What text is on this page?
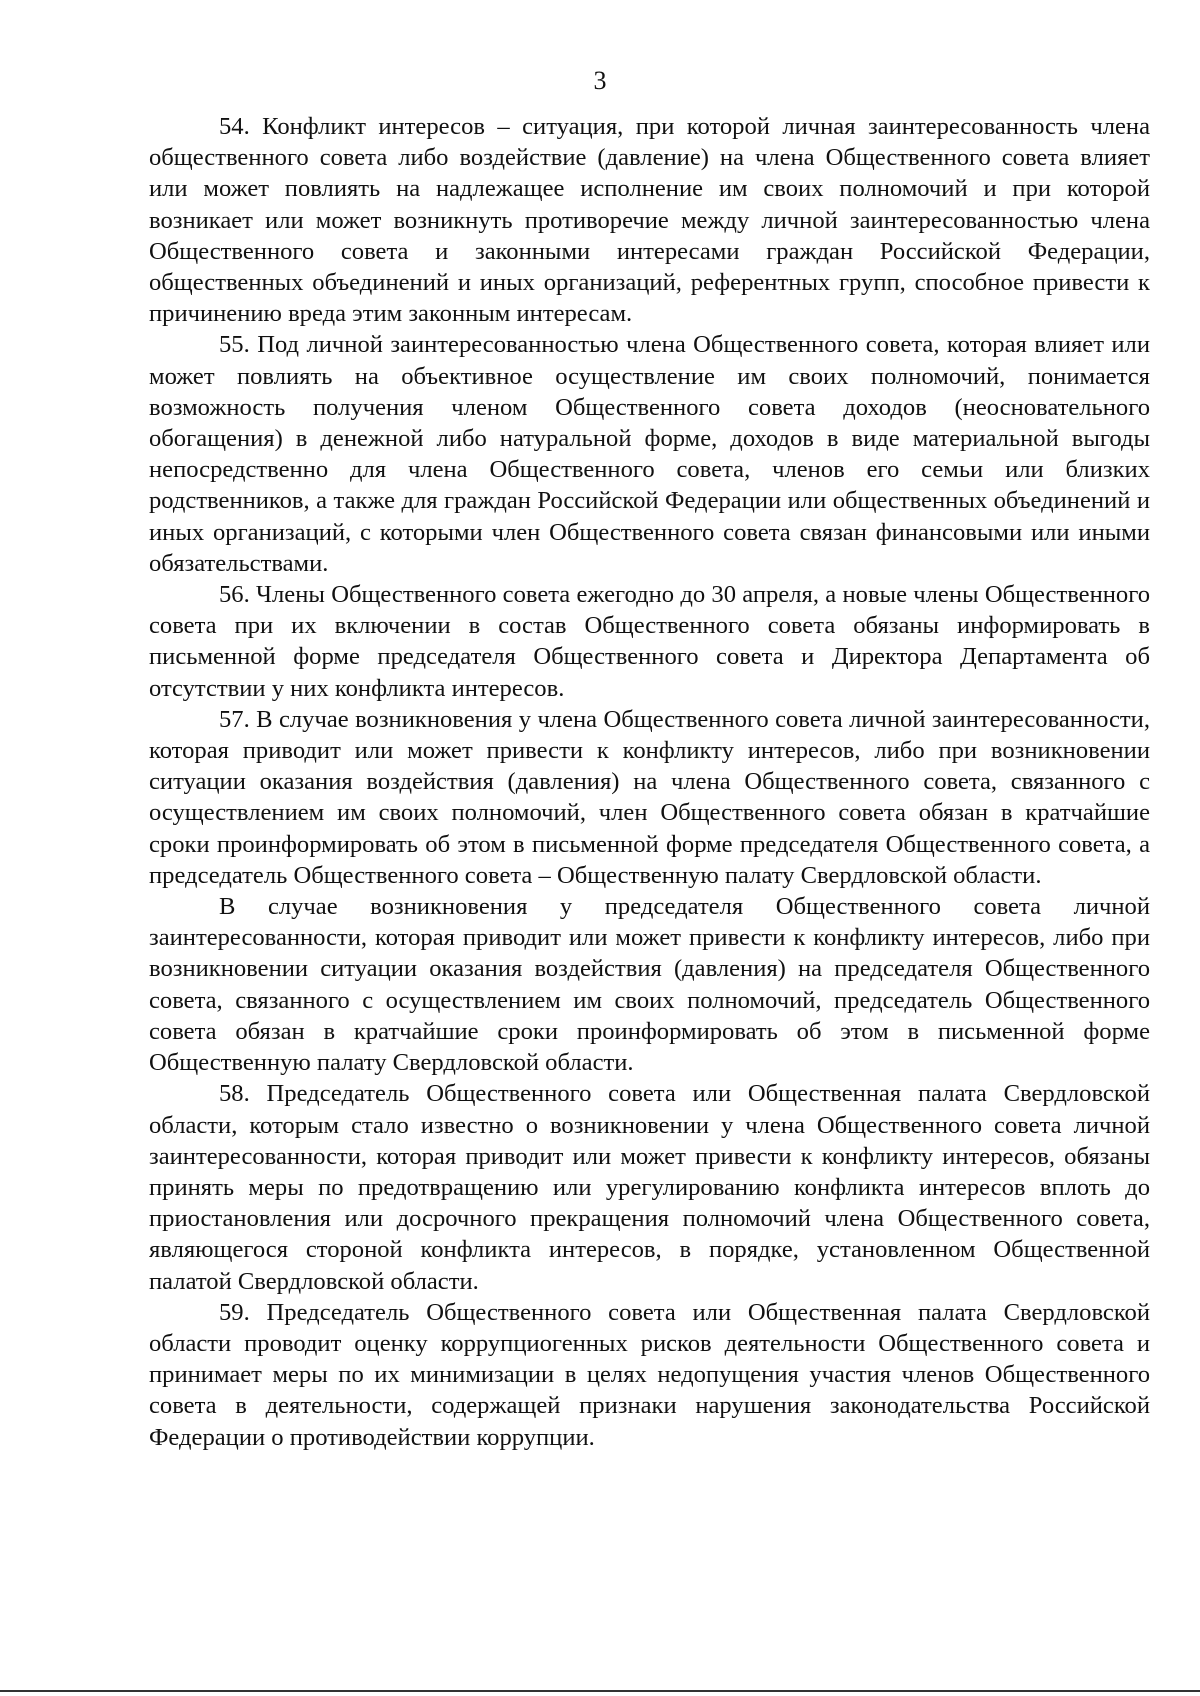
3

54. Конфликт интересов – ситуация, при которой личная заинтересованность члена общественного совета либо воздействие (давление) на члена Общественного совета влияет или может повлиять на надлежащее исполнение им своих полномочий и при которой возникает или может возникнуть противоречие между личной заинтересованностью члена Общественного совета и законными интересами граждан Российской Федерации, общественных объединений и иных организаций, референтных групп, способное привести к причинению вреда этим законным интересам.

55. Под личной заинтересованностью члена Общественного совета, которая влияет или может повлиять на объективное осуществление им своих полномочий, понимается возможность получения членом Общественного совета доходов (неосновательного обогащения) в денежной либо натуральной форме, доходов в виде материальной выгоды непосредственно для члена Общественного совета, членов его семьи или близких родственников, а также для граждан Российской Федерации или общественных объединений и иных организаций, с которыми член Общественного совета связан финансовыми или иными обязательствами.

56. Члены Общественного совета ежегодно до 30 апреля, а новые члены Общественного совета при их включении в состав Общественного совета обязаны информировать в письменной форме председателя Общественного совета и Директора Департамента об отсутствии у них конфликта интересов.

57. В случае возникновения у члена Общественного совета личной заинтересованности, которая приводит или может привести к конфликту интересов, либо при возникновении ситуации оказания воздействия (давления) на члена Общественного совета, связанного с осуществлением им своих полномочий, член Общественного совета обязан в кратчайшие сроки проинформировать об этом в письменной форме председателя Общественного совета, а председатель Общественного совета – Общественную палату Свердловской области.

В случае возникновения у председателя Общественного совета личной заинтересованности, которая приводит или может привести к конфликту интересов, либо при возникновении ситуации оказания воздействия (давления) на председателя Общественного совета, связанного с осуществлением им своих полномочий, председатель Общественного совета обязан в кратчайшие сроки проинформировать об этом в письменной форме Общественную палату Свердловской области.

58. Председатель Общественного совета или Общественная палата Свердловской области, которым стало известно о возникновении у члена Общественного совета личной заинтересованности, которая приводит или может привести к конфликту интересов, обязаны принять меры по предотвращению или урегулированию конфликта интересов вплоть до приостановления или досрочного прекращения полномочий члена Общественного совета, являющегося стороной конфликта интересов, в порядке, установленном Общественной палатой Свердловской области.

59. Председатель Общественного совета или Общественная палата Свердловской области проводит оценку коррупциогенных рисков деятельности Общественного совета и принимает меры по их минимизации в целях недопущения участия членов Общественного совета в деятельности, содержащей признаки нарушения законодательства Российской Федерации о противодействии коррупции.
